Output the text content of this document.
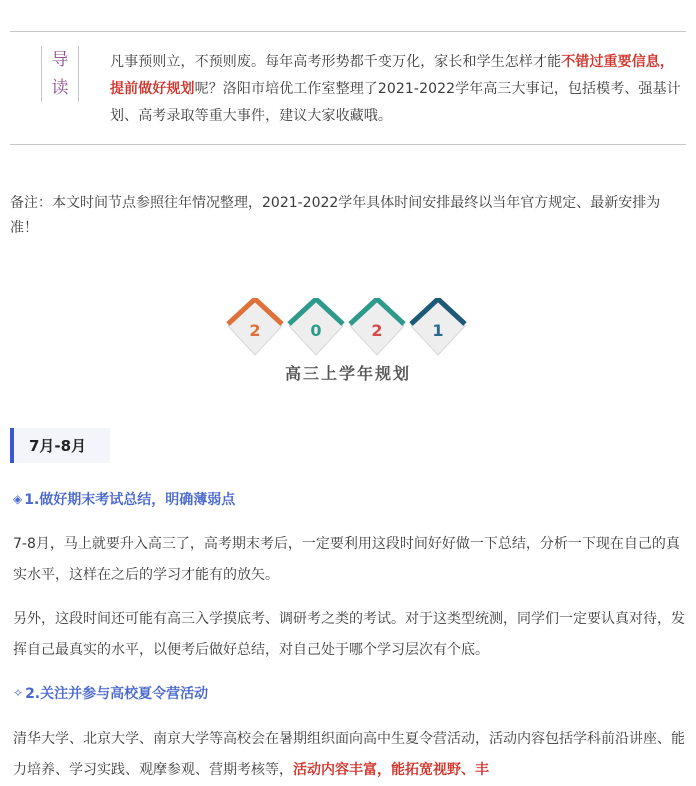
导
读
凡事预则立，不预则废。每年高考形势都千变万化，家长和学生怎样才能不错过重要信息，提前做好规划呢？洛阳市培优工作室整理了2021-2022学年高三大事记，包括模考、强基计划、高考录取等重大事件，建议大家收藏哦。
备注：本文时间节点参照往年情况整理，2021-2022学年具体时间安排最终以当年官方规定、最新安排为准！
2	0	2	1
高三上学年规划
7月-8月
◈ 1.做好期末考试总结，明确薄弱点
7-8月，马上就要升入高三了，高考期末考后，一定要利用这段时间好好做一下总结，分析一下现在自己的真实水平，这样在之后的学习才能有的放矢。
另外，这段时间还可能有高三入学摸底考、调研考之类的考试。对于这类型统测，同学们一定要认真对待，发挥自己最真实的水平，以便考后做好总结，对自己处于哪个学习层次有个底。
✧ 2.关注并参与高校夏令营活动
清华大学、北京大学、南京大学等高校会在暑期组织面向高中生夏令营活动，活动内容包括学科前沿讲座、能力培养、学习实践、观摩参观、营期考核等，活动内容丰富，能拓宽视野、丰
